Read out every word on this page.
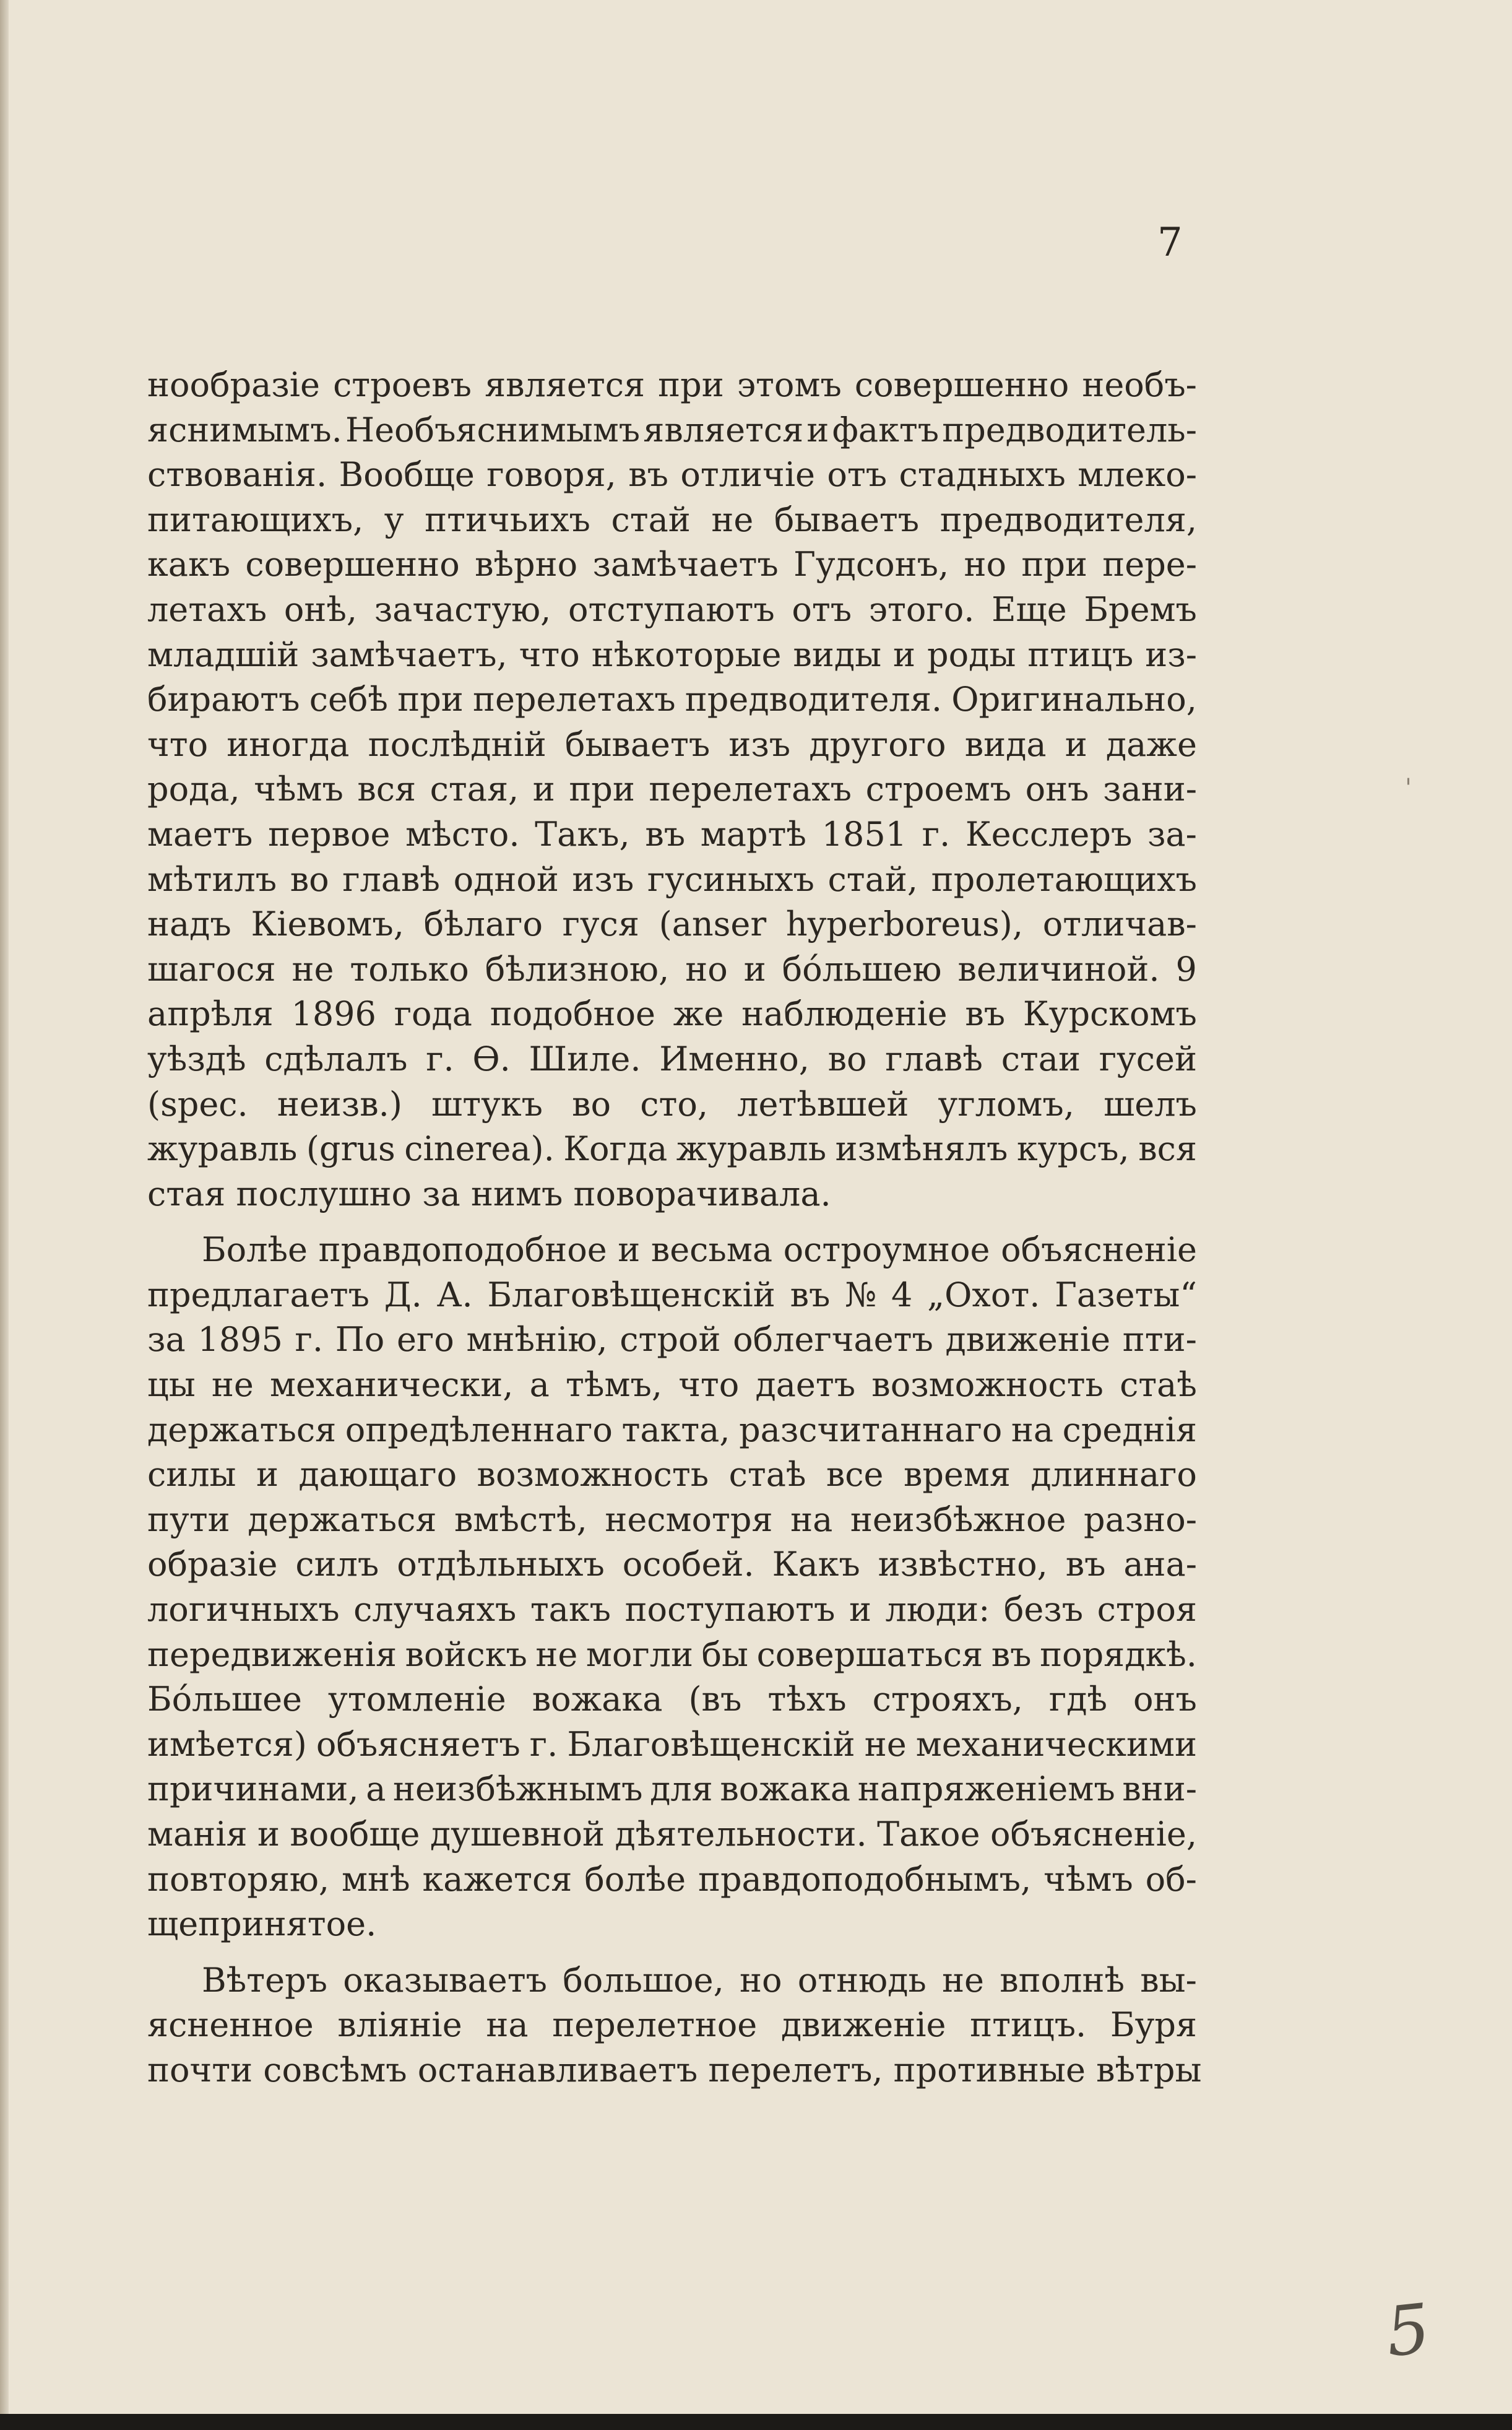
7
нообразіе строевъ является при этомъ совершенно необъ-
яснимымъ. Необъяснимымъ является и фактъ предводитель-
ствованія. Вообще говоря, въ отличіе отъ стадныхъ млеко-
питающихъ, у птичьихъ стай не бываетъ предводителя,
какъ совершенно вѣрно замѣчаетъ Гудсонъ, но при пере-
летахъ онѣ, зачастую, отступаютъ отъ этого. Еще Бремъ
младшій замѣчаетъ, что нѣкоторые виды и роды птицъ из-
бираютъ себѣ при перелетахъ предводителя. Оригинально,
что иногда послѣдній бываетъ изъ другого вида и даже
рода, чѣмъ вся стая, и при перелетахъ строемъ онъ зани-
маетъ первое мѣсто. Такъ, въ мартѣ 1851 г. Кесслеръ за-
мѣтилъ во главѣ одной изъ гусиныхъ стай, пролетающихъ
надъ Кіевомъ, бѣлаго гуся (anser hyperboreus), отличав-
шагося не только бѣлизною, но и бо́льшею величиной. 9
апрѣля 1896 года подобное же наблюденіе въ Курскомъ
уѣздѣ сдѣлалъ г. Ѳ. Шиле. Именно, во главѣ стаи гусей
(spec. неизв.) штукъ во сто, летѣвшей угломъ, шелъ
журавль (grus cinerea). Когда журавль измѣнялъ курсъ, вся
стая послушно за нимъ поворачивала.
Болѣе правдоподобное и весьма остроумное объясненіе
предлагаетъ Д. А. Благовѣщенскій въ № 4 „Охот. Газеты“
за 1895 г. По его мнѣнію, строй облегчаетъ движеніе пти-
цы не механически, а тѣмъ, что даетъ возможность стаѣ
держаться опредѣленнаго такта, разсчитаннаго на среднія
силы и дающаго возможность стаѣ все время длиннаго
пути держаться вмѣстѣ, несмотря на неизбѣжное разно-
образіе силъ отдѣльныхъ особей. Какъ извѣстно, въ ана-
логичныхъ случаяхъ такъ поступаютъ и люди: безъ строя
передвиженія войскъ не могли бы совершаться въ порядкѣ.
Бо́льшее утомленіе вожака (въ тѣхъ строяхъ, гдѣ онъ
имѣется) объясняетъ г. Благовѣщенскій не механическими
причинами, а неизбѣжнымъ для вожака напряженіемъ вни-
манія и вообще душевной дѣятельности. Такое объясненіе,
повторяю, мнѣ кажется болѣе правдоподобнымъ, чѣмъ об-
щепринятое.
Вѣтеръ оказываетъ большое, но отнюдь не вполнѣ вы-
ясненное вліяніе на перелетное движеніе птицъ. Буря
почти совсѣмъ останавливаетъ перелетъ, противные вѣтры
'
5
